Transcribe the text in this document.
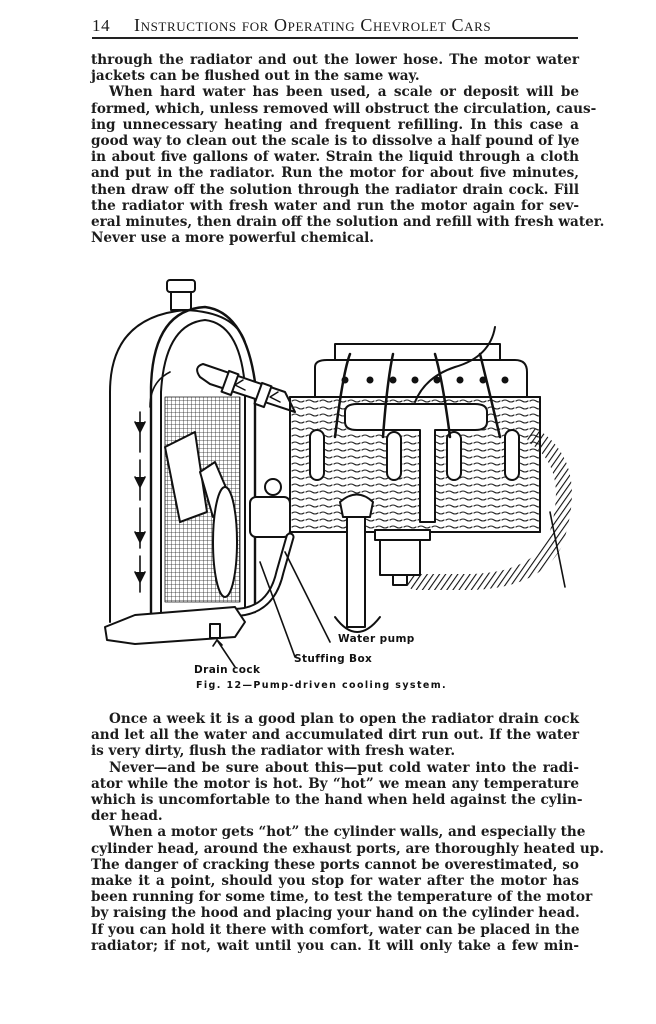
14	Instructions for Operating Chevrolet Cars

through the radiator and out the lower hose. The motor water
jackets can be flushed out in the same way.

When hard water has been used, a scale or deposit will be
formed, which, unless removed will obstruct the circulation, caus-
ing unnecessary heating and frequent refilling. In this case a
good way to clean out the scale is to dissolve a half pound of lye
in about five gallons of water. Strain the liquid through a cloth
and put in the radiator. Run the motor for about five minutes,
then draw off the solution through the radiator drain cock. Fill
the radiator with fresh water and run the motor again for sev-
eral minutes, then drain off the solution and refill with fresh water.
Never use a more powerful chemical.

Water pump
Stuffing Box
Drain cock
Fig. 12—Pump-driven cooling system.

Once a week it is a good plan to open the radiator drain cock
and let all the water and accumulated dirt run out. If the water
is very dirty, flush the radiator with fresh water.

Never—and be sure about this—put cold water into the radi-
ator while the motor is hot. By “hot” we mean any temperature
which is uncomfortable to the hand when held against the cylin-
der head.

When a motor gets “hot” the cylinder walls, and especially the
cylinder head, around the exhaust ports, are thoroughly heated up.
The danger of cracking these ports cannot be overestimated, so
make it a point, should you stop for water after the motor has
been running for some time, to test the temperature of the motor
by raising the hood and placing your hand on the cylinder head.
If you can hold it there with comfort, water can be placed in the
radiator; if not, wait until you can. It will only take a few min-
